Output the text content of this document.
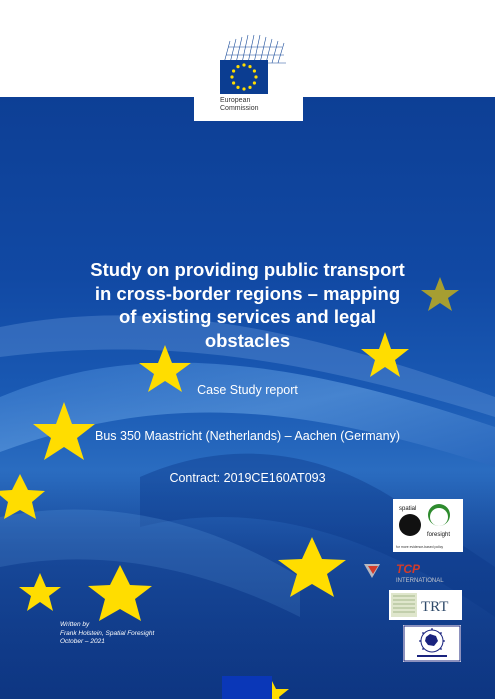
European
Commission
Study on providing public transport
in cross-border regions – mapping
of existing services and legal
obstacles
Case Study report
Bus 350 Maastricht (Netherlands) – Aachen (Germany)
Contract: 2019CE160AT093
Written by
Frank Holstein, Spatial Foresight
October – 2021
spatial
foresight
for more evidence-based policy
TCP
INTERNATIONAL
TRT
